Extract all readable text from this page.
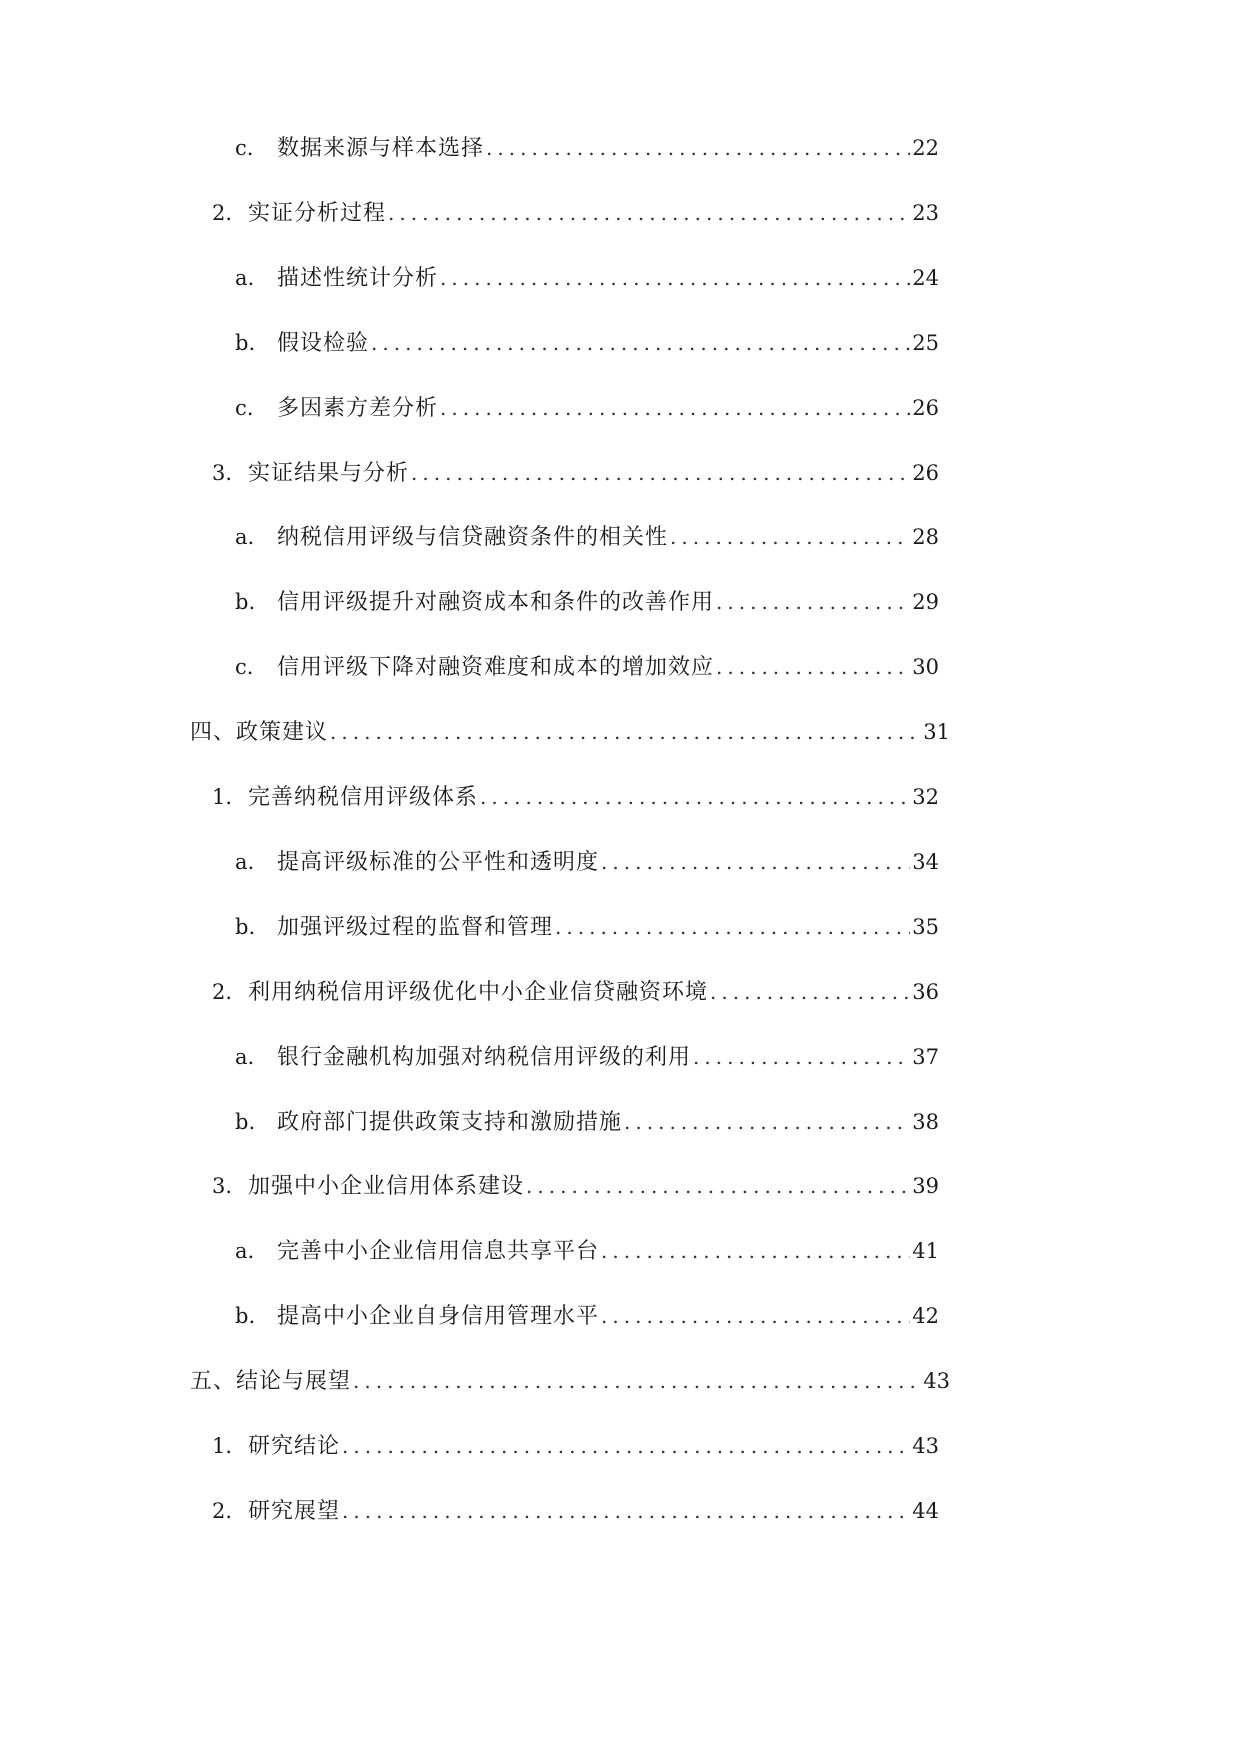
c.	数据来源与样本选择 .....	22
2. 实证分析过程 .....	23
a.	描述性统计分析 .....	24
b. 假设检验 .....	25
c.	多因素方差分析 .....	26
3. 实证结果与分析 .....	26
a.	纳税信用评级与信贷融资条件的相关性 .....	28
b. 信用评级提升对融资成本和条件的改善作用 .....	29
c.	信用评级下降对融资难度和成本的增加效应 .....	30
四、政策建议 .....	31
1. 完善纳税信用评级体系 .....	32
a.	提高评级标准的公平性和透明度 .....	34
b. 加强评级过程的监督和管理 .....	35
2. 利用纳税信用评级优化中小企业信贷融资环境 .....	36
a.	银行金融机构加强对纳税信用评级的利用 .....	37
b. 政府部门提供政策支持和激励措施 .....	38
3. 加强中小企业信用体系建设 .....	39
a.	完善中小企业信用信息共享平台 .....	41
b. 提高中小企业自身信用管理水平 .....	42
五、结论与展望 .....	43
1. 研究结论 .....	43
2. 研究展望 .....	44
